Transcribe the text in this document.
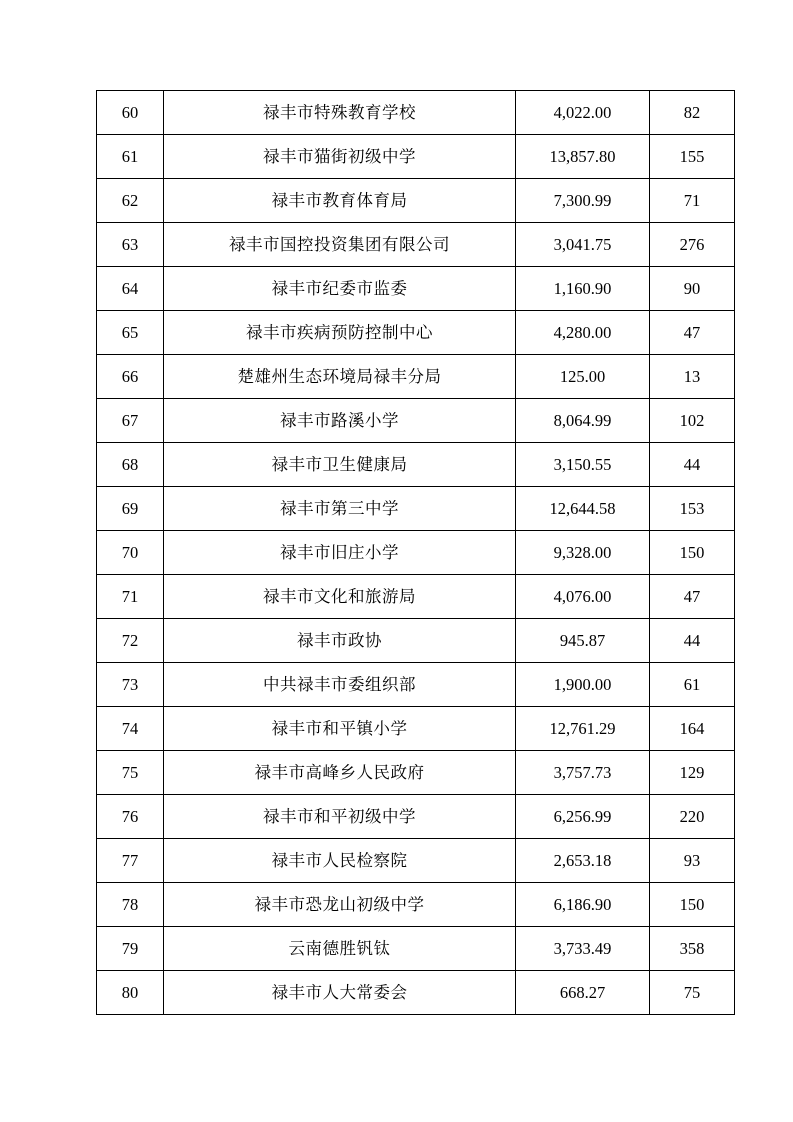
60	禄丰市特殊教育学校	4,022.00	82
61	禄丰市猫街初级中学	13,857.80	155
62	禄丰市教育体育局	7,300.99	71
63	禄丰市国控投资集团有限公司	3,041.75	276
64	禄丰市纪委市监委	1,160.90	90
65	禄丰市疾病预防控制中心	4,280.00	47
66	楚雄州生态环境局禄丰分局	125.00	13
67	禄丰市路溪小学	8,064.99	102
68	禄丰市卫生健康局	3,150.55	44
69	禄丰市第三中学	12,644.58	153
70	禄丰市旧庄小学	9,328.00	150
71	禄丰市文化和旅游局	4,076.00	47
72	禄丰市政协	945.87	44
73	中共禄丰市委组织部	1,900.00	61
74	禄丰市和平镇小学	12,761.29	164
75	禄丰市高峰乡人民政府	3,757.73	129
76	禄丰市和平初级中学	6,256.99	220
77	禄丰市人民检察院	2,653.18	93
78	禄丰市恐龙山初级中学	6,186.90	150
79	云南德胜钒钛	3,733.49	358
80	禄丰市人大常委会	668.27	75
